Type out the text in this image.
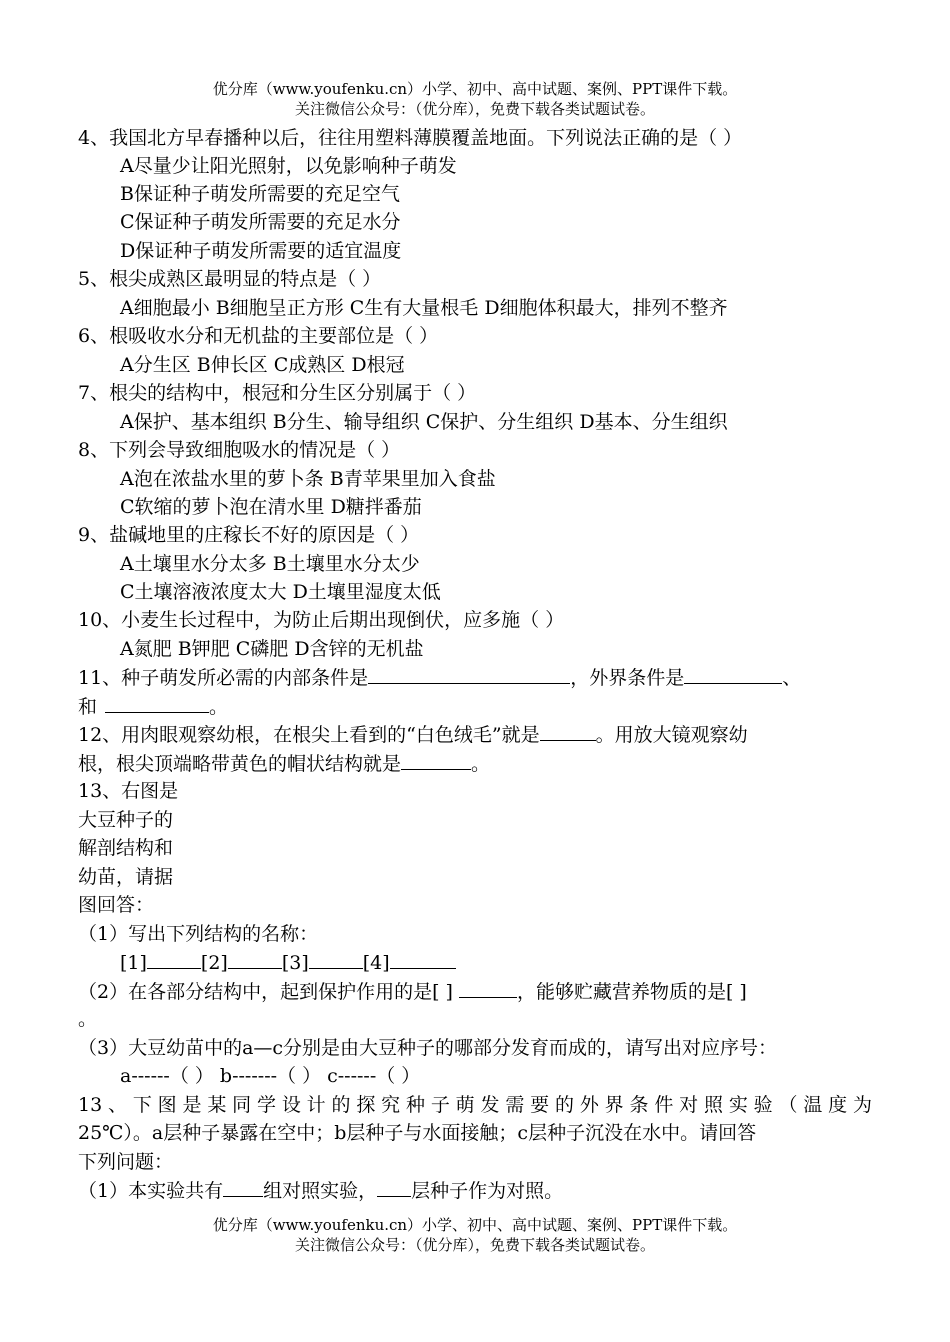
优分库（www.youfenku.cn）小学、初中、高中试题、案例、PPT课件下载。
关注微信公众号：（优分库），免费下载各类试题试卷。
4、我国北方早春播种以后，往往用塑料薄膜覆盖地面。下列说法正确的是（ ）
A尽量少让阳光照射，以免影响种子萌发
B保证种子萌发所需要的充足空气
C保证种子萌发所需要的充足水分
D保证种子萌发所需要的适宜温度
5、根尖成熟区最明显的特点是（ ）
A细胞最小 B细胞呈正方形 C生有大量根毛 D细胞体积最大，排列不整齐
6、根吸收水分和无机盐的主要部位是（ ）
A分生区 B伸长区 C成熟区 D根冠
7、根尖的结构中，根冠和分生区分别属于（ ）
A保护、基本组织 B分生、输导组织 C保护、分生组织 D基本、分生组织
8、下列会导致细胞吸水的情况是（ ）
A泡在浓盐水里的萝卜条 B青苹果里加入食盐
C软缩的萝卜泡在清水里 D糖拌番茄
9、盐碱地里的庄稼长不好的原因是（ ）
A土壤里水分太多 B土壤里水分太少
C土壤溶液浓度太大 D土壤里湿度太低
10、小麦生长过程中，为防止后期出现倒伏，应多施（ ）
A氮肥 B钾肥 C磷肥 D含锌的无机盐
11、种子萌发所必需的内部条件是	，外界条件是	、
和	。
12、用肉眼观察幼根，在根尖上看到的“白色绒毛”就是	。用放大镜观察幼
根，根尖顶端略带黄色的帽状结构就是	。
13、右图是
大豆种子的
解剖结构和
幼苗，请据
图回答：
（1）写出下列结构的名称：
[1]	[2]	[3]	[4]
（2）在各部分结构中，起到保护作用的是[ ]	，能够贮藏营养物质的是[ ]
。
（3）大豆幼苗中的a—c分别是由大豆种子的哪部分发育而成的，请写出对应序号：
a------（ ） b-------（ ） c------（ ）
13、下图是某同学设计的探究种子萌发需要的外界条件对照实验（温度为
25℃）。a层种子暴露在空中；b层种子与水面接触；c层种子沉没在水中。请回答
下列问题：
（1）本实验共有 组对照实验， 层种子作为对照。
优分库（www.youfenku.cn）小学、初中、高中试题、案例、PPT课件下载。
关注微信公众号：（优分库），免费下载各类试题试卷。
